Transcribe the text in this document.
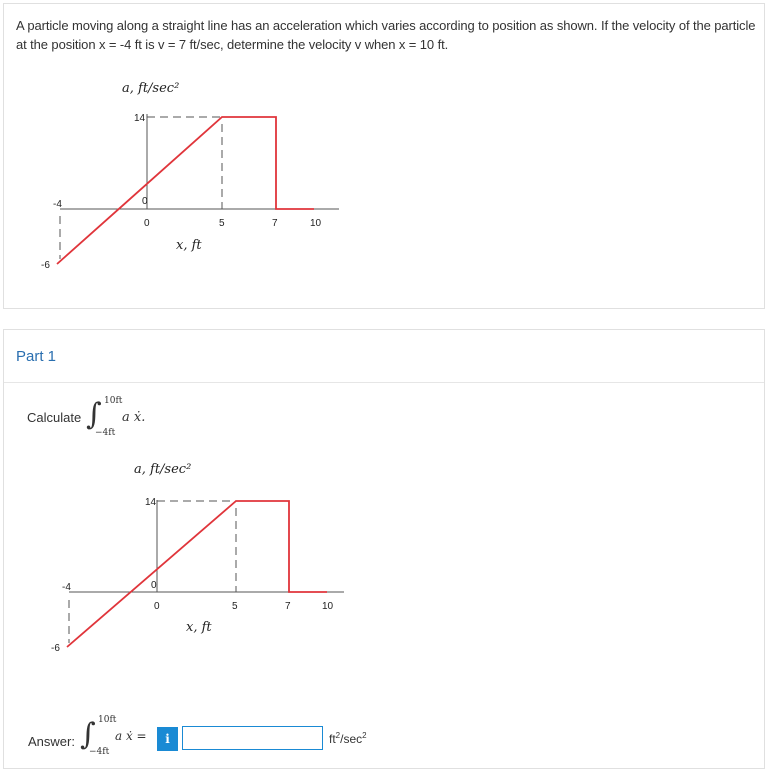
A particle moving along a straight line has an acceleration which varies according to position as shown. If the velocity of the particle at the position x = -4 ft is v = 7 ft/sec, determine the velocity v when x = 10 ft.
a, ft/sec²
14
0
0	5	7	10
-4
-6
x, ft
Part 1
Calculate ∫ 10ft
−4ft
a ẋ.
a, ft/sec²
14
0
0	5	7	10
-4
-6
x, ft
Answer: ∫ 10ft
−4ft
a ẋ =	i	$ft^2/\sec^2$
